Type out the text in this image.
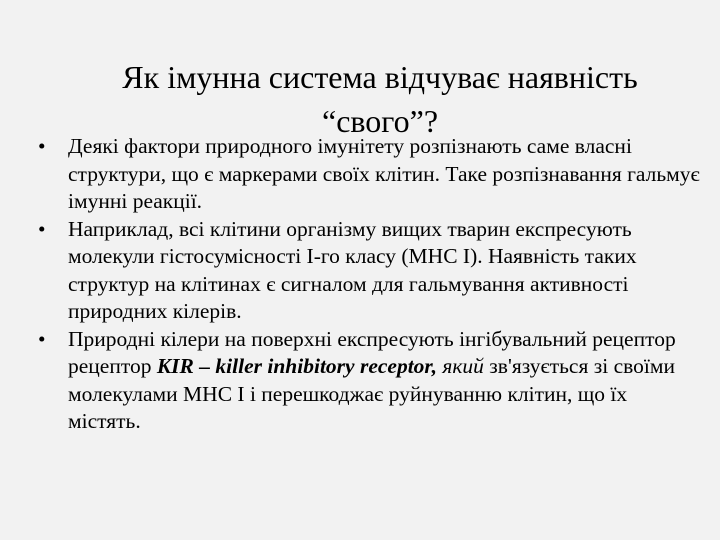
Як імунна система відчуває наявність
“свого”?
• Деякі фактори природного імунітету розпізнають саме власні структури, що є маркерами своїх клітин. Таке розпізнавання гальмує імунні реакції.
• Наприклад, всі клітини організму вищих тварин експресують молекули гістосумісності І-го класу (МНС І). Наявність таких структур на клітинах є сигналом для гальмування активності природних кілерів.
• Природні кілери на поверхні експресують інгібувальний рецептор рецептор KIR – killer inhibitory receptor, який зв'язується зі своїми молекулами МНС І і перешкоджає руйнуванню клітин, що їх містять.
